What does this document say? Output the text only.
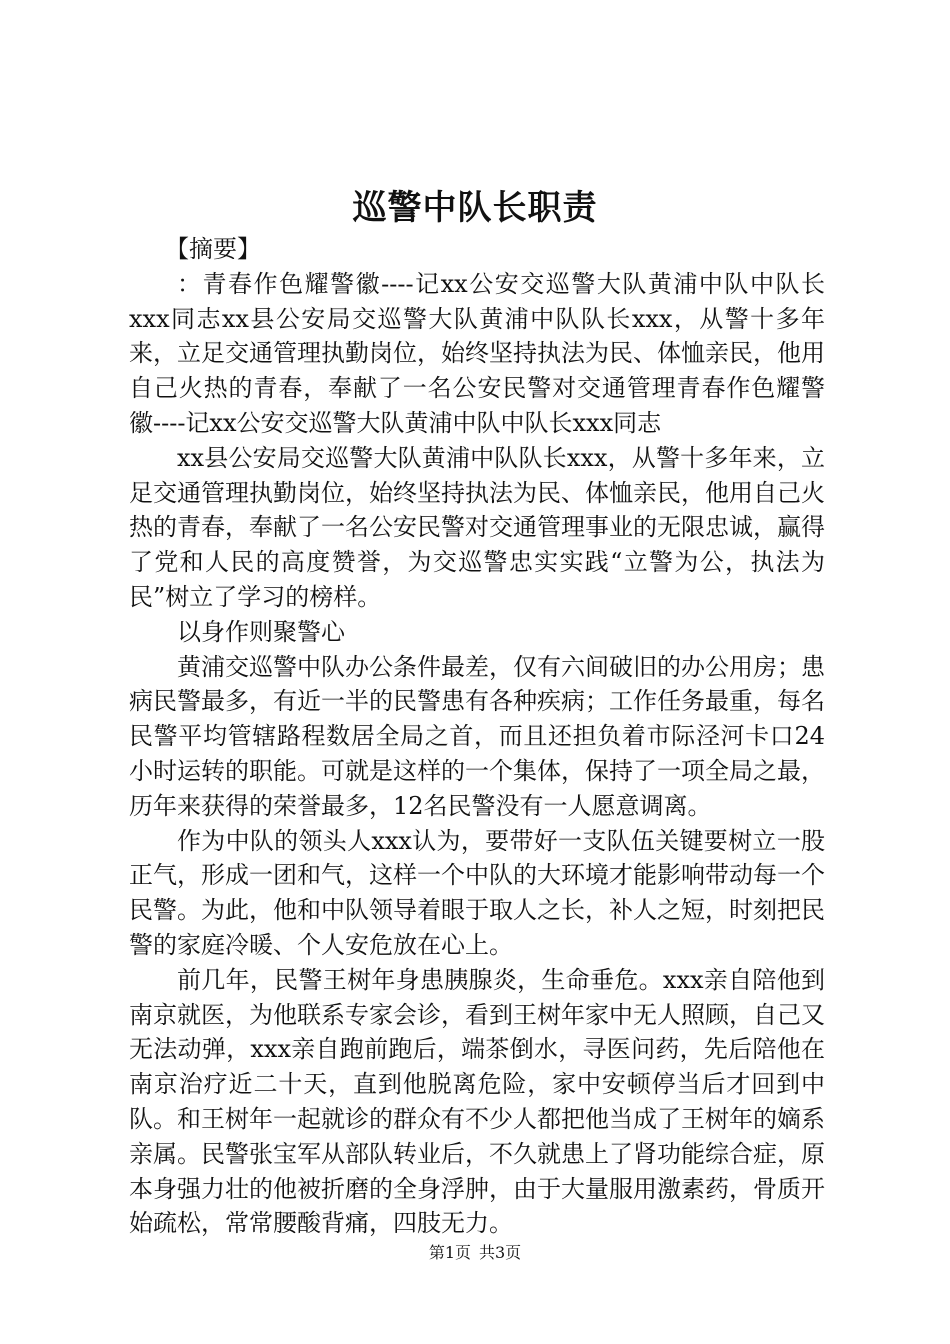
巡警中队长职责

【摘要】

：青春作色耀警徽----记xx公安交巡警大队黄浦中队中队长xxx同志xx县公安局交巡警大队黄浦中队队长xxx，从警十多年来，立足交通管理执勤岗位，始终坚持执法为民、体恤亲民，他用自己火热的青春，奉献了一名公安民警对交通管理青春作色耀警徽----记xx公安交巡警大队黄浦中队中队长xxx同志

xx县公安局交巡警大队黄浦中队队长xxx，从警十多年来，立足交通管理执勤岗位，始终坚持执法为民、体恤亲民，他用自己火热的青春，奉献了一名公安民警对交通管理事业的无限忠诚，赢得了党和人民的高度赞誉，为交巡警忠实实践“立警为公，执法为民”树立了学习的榜样。

以身作则聚警心

黄浦交巡警中队办公条件最差，仅有六间破旧的办公用房；患病民警最多，有近一半的民警患有各种疾病；工作任务最重，每名民警平均管辖路程数居全局之首，而且还担负着市际泾河卡口24小时运转的职能。可就是这样的一个集体，保持了一项全局之最，历年来获得的荣誉最多，12名民警没有一人愿意调离。

作为中队的领头人xxx认为，要带好一支队伍关键要树立一股正气，形成一团和气，这样一个中队的大环境才能影响带动每一个民警。为此，他和中队领导着眼于取人之长，补人之短，时刻把民警的家庭冷暖、个人安危放在心上。

前几年，民警王树年身患胰腺炎，生命垂危。xxx亲自陪他到南京就医，为他联系专家会诊，看到王树年家中无人照顾，自己又无法动弹，xxx亲自跑前跑后，端茶倒水，寻医问药，先后陪他在南京治疗近二十天，直到他脱离危险，家中安顿停当后才回到中队。和王树年一起就诊的群众有不少人都把他当成了王树年的嫡系亲属。民警张宝军从部队转业后，不久就患上了肾功能综合症，原本身强力壮的他被折磨的全身浮肿，由于大量服用激素药，骨质开始疏松，常常腰酸背痛，四肢无力。

第1页 共3页
